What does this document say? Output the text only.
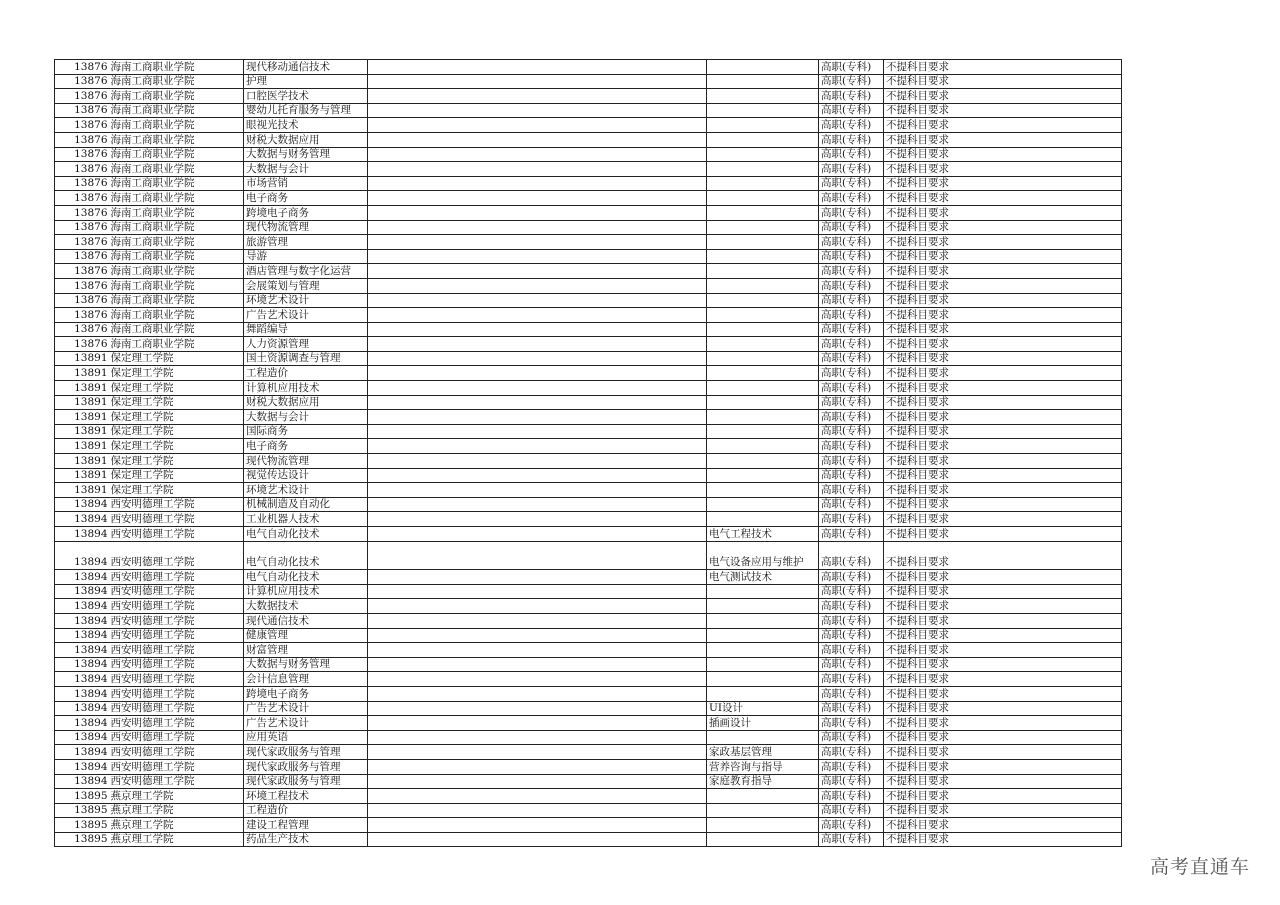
13876	海南工商职业学院	现代移动通信技术			高职(专科)	不提科目要求
13876	海南工商职业学院	护理			高职(专科)	不提科目要求
13876	海南工商职业学院	口腔医学技术			高职(专科)	不提科目要求
13876	海南工商职业学院	婴幼儿托育服务与管理			高职(专科)	不提科目要求
13876	海南工商职业学院	眼视光技术			高职(专科)	不提科目要求
13876	海南工商职业学院	财税大数据应用			高职(专科)	不提科目要求
13876	海南工商职业学院	大数据与财务管理			高职(专科)	不提科目要求
13876	海南工商职业学院	大数据与会计			高职(专科)	不提科目要求
13876	海南工商职业学院	市场营销			高职(专科)	不提科目要求
13876	海南工商职业学院	电子商务			高职(专科)	不提科目要求
13876	海南工商职业学院	跨境电子商务			高职(专科)	不提科目要求
13876	海南工商职业学院	现代物流管理			高职(专科)	不提科目要求
13876	海南工商职业学院	旅游管理			高职(专科)	不提科目要求
13876	海南工商职业学院	导游			高职(专科)	不提科目要求
13876	海南工商职业学院	酒店管理与数字化运营			高职(专科)	不提科目要求
13876	海南工商职业学院	会展策划与管理			高职(专科)	不提科目要求
13876	海南工商职业学院	环境艺术设计			高职(专科)	不提科目要求
13876	海南工商职业学院	广告艺术设计			高职(专科)	不提科目要求
13876	海南工商职业学院	舞蹈编导			高职(专科)	不提科目要求
13876	海南工商职业学院	人力资源管理			高职(专科)	不提科目要求
13891	保定理工学院	国土资源调查与管理			高职(专科)	不提科目要求
13891	保定理工学院	工程造价			高职(专科)	不提科目要求
13891	保定理工学院	计算机应用技术			高职(专科)	不提科目要求
13891	保定理工学院	财税大数据应用			高职(专科)	不提科目要求
13891	保定理工学院	大数据与会计			高职(专科)	不提科目要求
13891	保定理工学院	国际商务			高职(专科)	不提科目要求
13891	保定理工学院	电子商务			高职(专科)	不提科目要求
13891	保定理工学院	现代物流管理			高职(专科)	不提科目要求
13891	保定理工学院	视觉传达设计			高职(专科)	不提科目要求
13891	保定理工学院	环境艺术设计			高职(专科)	不提科目要求
13894	西安明德理工学院	机械制造及自动化			高职(专科)	不提科目要求
13894	西安明德理工学院	工业机器人技术			高职(专科)	不提科目要求
13894	西安明德理工学院	电气自动化技术		电气工程技术	高职(专科)	不提科目要求
13894	西安明德理工学院	电气自动化技术		电气设备应用与维护	高职(专科)	不提科目要求
13894	西安明德理工学院	电气自动化技术		电气测试技术	高职(专科)	不提科目要求
13894	西安明德理工学院	计算机应用技术			高职(专科)	不提科目要求
13894	西安明德理工学院	大数据技术			高职(专科)	不提科目要求
13894	西安明德理工学院	现代通信技术			高职(专科)	不提科目要求
13894	西安明德理工学院	健康管理			高职(专科)	不提科目要求
13894	西安明德理工学院	财富管理			高职(专科)	不提科目要求
13894	西安明德理工学院	大数据与财务管理			高职(专科)	不提科目要求
13894	西安明德理工学院	会计信息管理			高职(专科)	不提科目要求
13894	西安明德理工学院	跨境电子商务			高职(专科)	不提科目要求
13894	西安明德理工学院	广告艺术设计		UI设计	高职(专科)	不提科目要求
13894	西安明德理工学院	广告艺术设计		插画设计	高职(专科)	不提科目要求
13894	西安明德理工学院	应用英语			高职(专科)	不提科目要求
13894	西安明德理工学院	现代家政服务与管理		家政基层管理	高职(专科)	不提科目要求
13894	西安明德理工学院	现代家政服务与管理		营养咨询与指导	高职(专科)	不提科目要求
13894	西安明德理工学院	现代家政服务与管理		家庭教育指导	高职(专科)	不提科目要求
13895	燕京理工学院	环境工程技术			高职(专科)	不提科目要求
13895	燕京理工学院	工程造价			高职(专科)	不提科目要求
13895	燕京理工学院	建设工程管理			高职(专科)	不提科目要求
13895	燕京理工学院	药品生产技术			高职(专科)	不提科目要求
高考直通车
